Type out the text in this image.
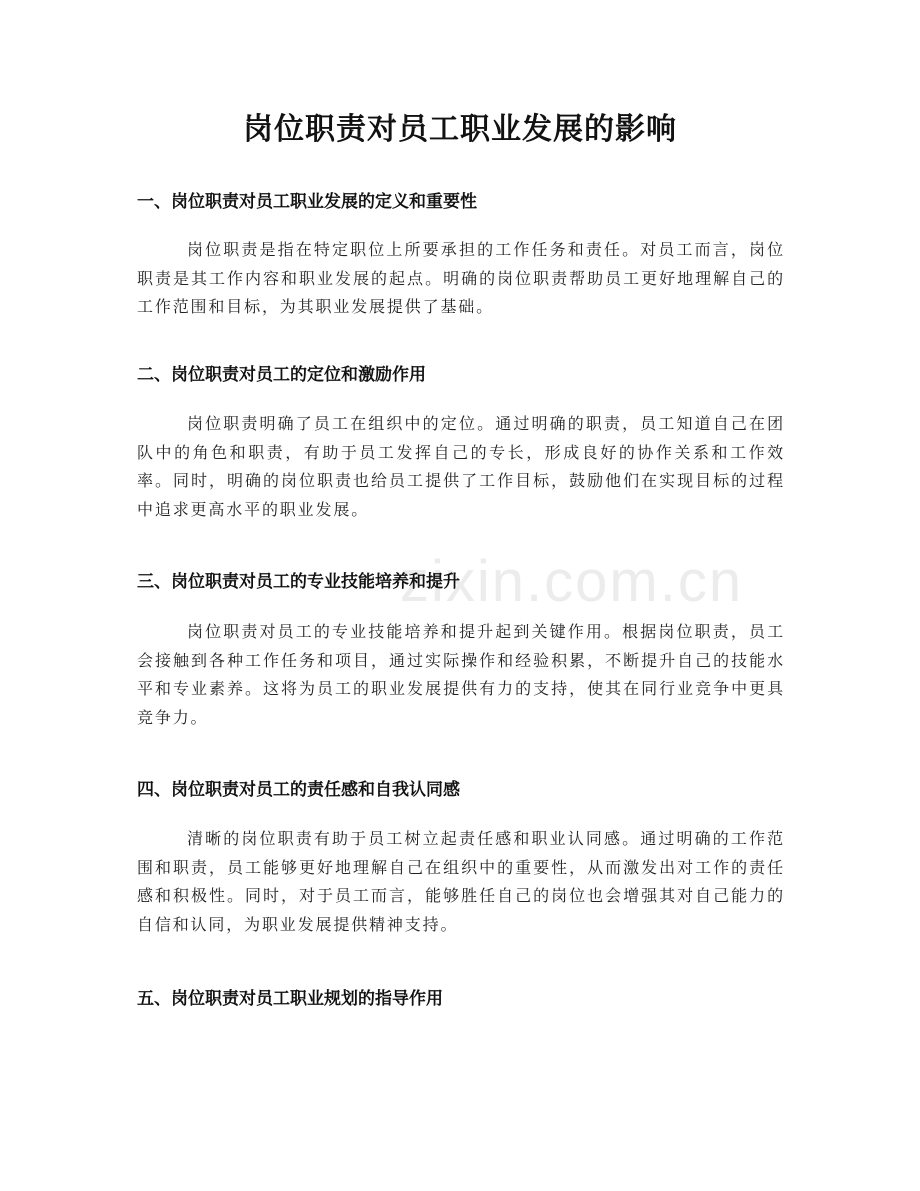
zixin.com.cn
岗位职责对员工职业发展的影响
一、岗位职责对员工职业发展的定义和重要性

岗位职责是指在特定职位上所要承担的工作任务和责任。对员工而言，岗位职责是其工作内容和职业发展的起点。明确的岗位职责帮助员工更好地理解自己的工作范围和目标，为其职业发展提供了基础。

二、岗位职责对员工的定位和激励作用

岗位职责明确了员工在组织中的定位。通过明确的职责，员工知道自己在团队中的角色和职责，有助于员工发挥自己的专长，形成良好的协作关系和工作效率。同时，明确的岗位职责也给员工提供了工作目标，鼓励他们在实现目标的过程中追求更高水平的职业发展。

三、岗位职责对员工的专业技能培养和提升

岗位职责对员工的专业技能培养和提升起到关键作用。根据岗位职责，员工会接触到各种工作任务和项目，通过实际操作和经验积累，不断提升自己的技能水平和专业素养。这将为员工的职业发展提供有力的支持，使其在同行业竞争中更具竞争力。

四、岗位职责对员工的责任感和自我认同感

清晰的岗位职责有助于员工树立起责任感和职业认同感。通过明确的工作范围和职责，员工能够更好地理解自己在组织中的重要性，从而激发出对工作的责任感和积极性。同时，对于员工而言，能够胜任自己的岗位也会增强其对自己能力的自信和认同，为职业发展提供精神支持。

五、岗位职责对员工职业规划的指导作用
